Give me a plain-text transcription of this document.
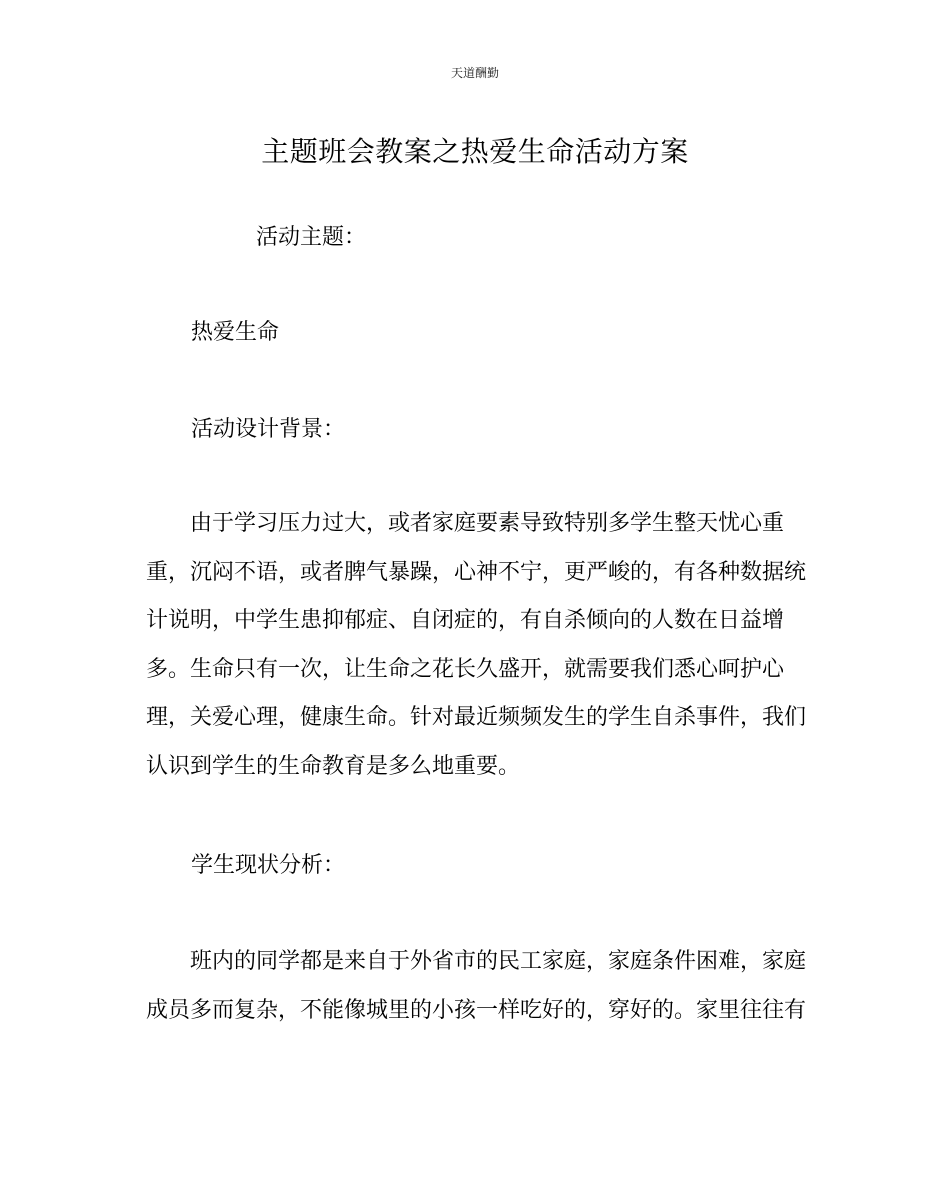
天道酬勤
主题班会教案之热爱生命活动方案
活动主题：
热爱生命
活动设计背景：

由于学习压力过大，或者家庭要素导致特别多学生整天忧心重重，沉闷不语，或者脾气暴躁，心神不宁，更严峻的，有各种数据统计说明，中学生患抑郁症、自闭症的，有自杀倾向的人数在日益增多。生命只有一次，让生命之花长久盛开，就需要我们悉心呵护心理，关爱心理，健康生命。针对最近频频发生的学生自杀事件，我们认识到学生的生命教育是多么地重要。

学生现状分析：

班内的同学都是来自于外省市的民工家庭，家庭条件困难，家庭成员多而复杂，不能像城里的小孩一样吃好的，穿好的。家里往往有
